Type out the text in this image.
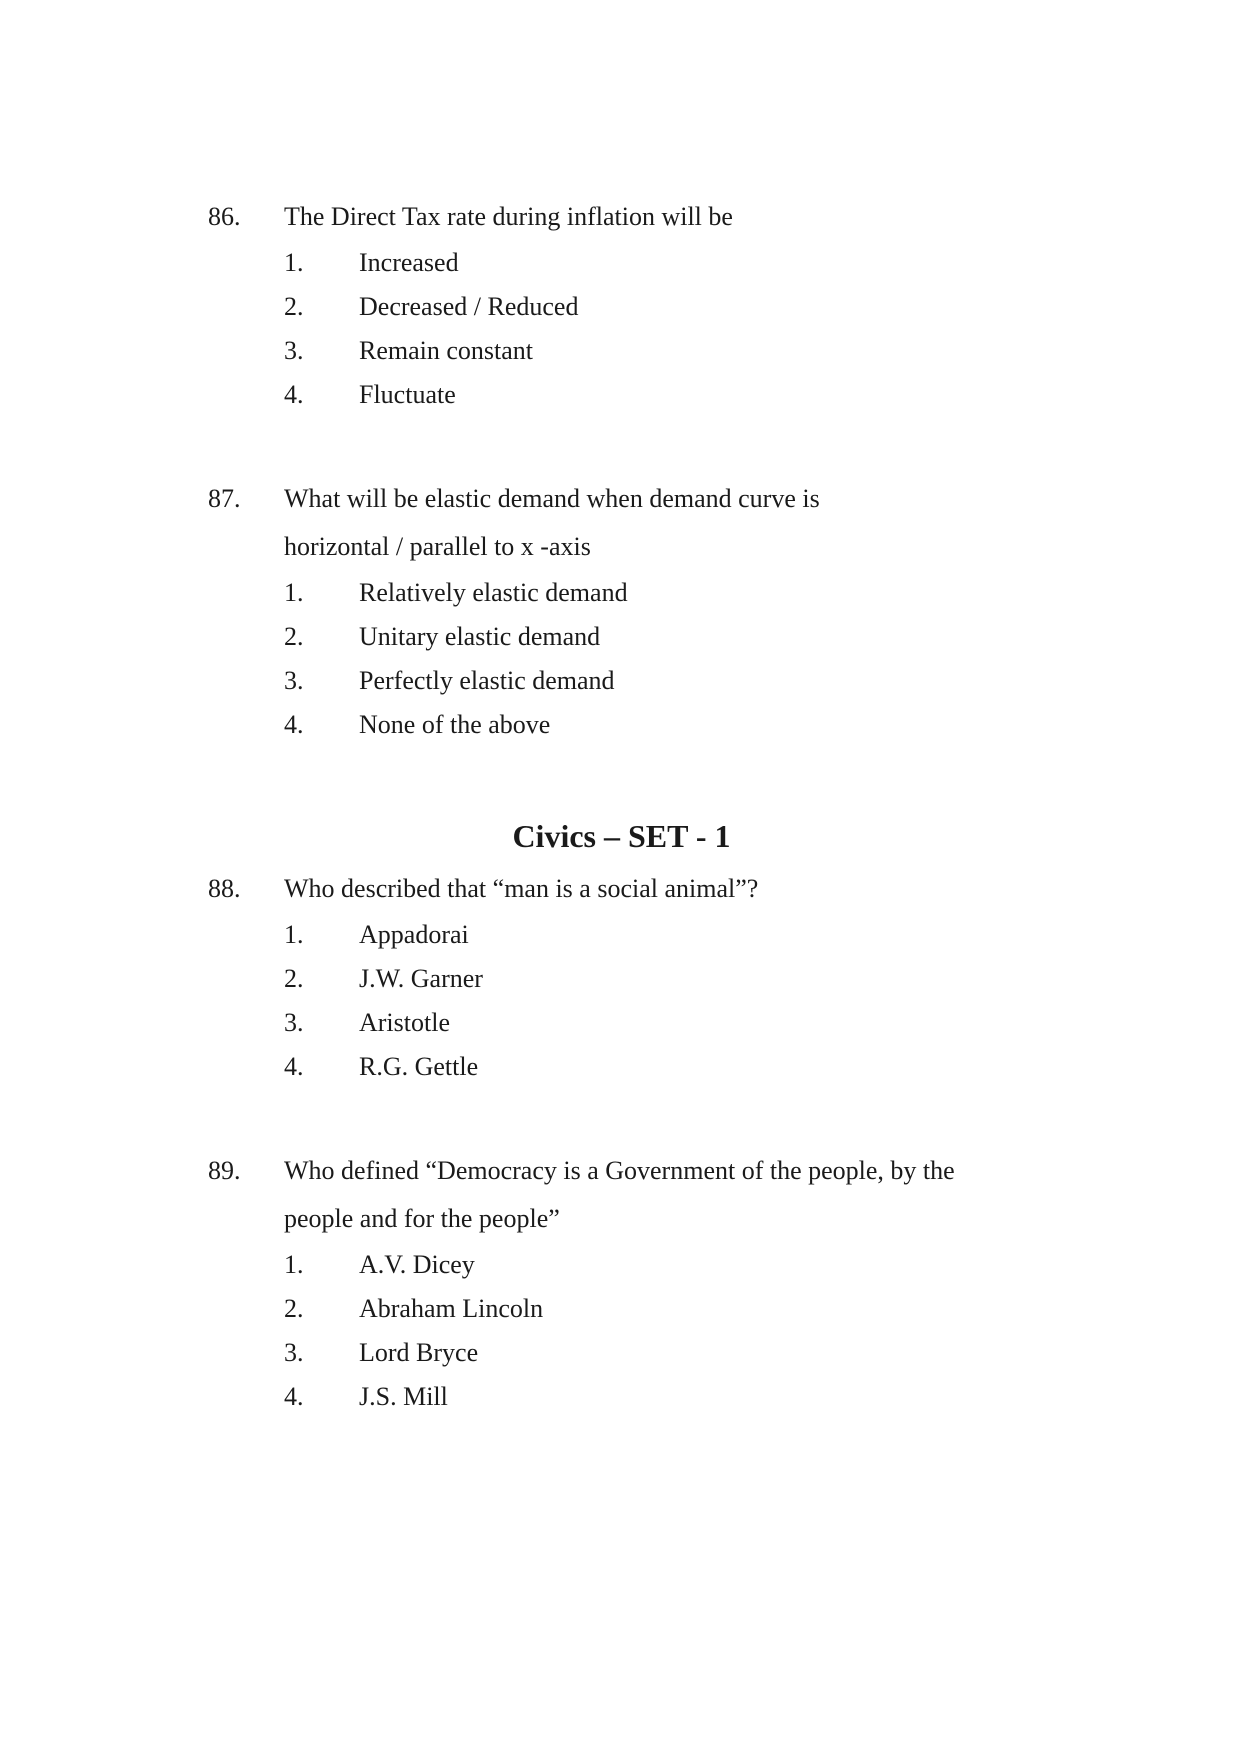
86. The Direct Tax rate during inflation will be
1. Increased
2. Decreased / Reduced
3. Remain constant
4. Fluctuate
87. What will be elastic demand when demand curve is
horizontal / parallel to x -axis
1. Relatively elastic demand
2. Unitary elastic demand
3. Perfectly elastic demand
4. None of the above
Civics – SET - 1
88. Who described that “man is a social animal”?
1. Appadorai
2. J.W. Garner
3. Aristotle
4. R.G. Gettle
89. Who defined “Democracy is a Government of the people, by the
people and for the people”
1. A.V. Dicey
2. Abraham Lincoln
3. Lord Bryce
4. J.S. Mill
